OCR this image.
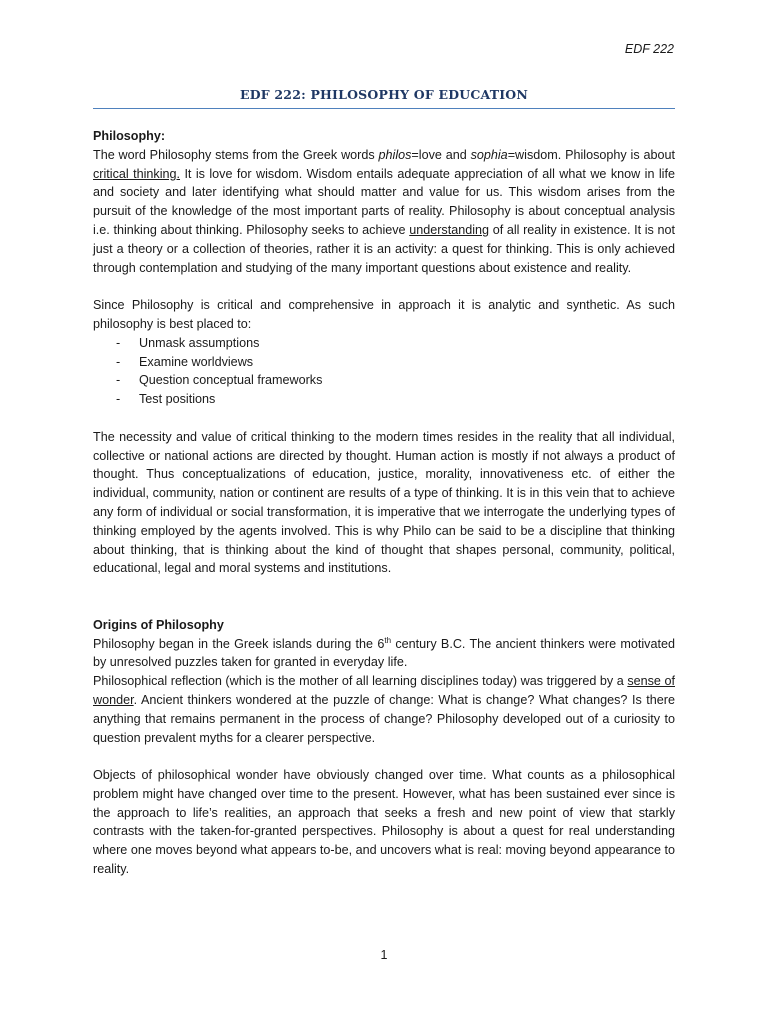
EDF 222
EDF 222: PHILOSOPHY OF EDUCATION

Philosophy:

The word Philosophy stems from the Greek words philos=love and sophia=wisdom. Philosophy is about critical thinking. It is love for wisdom. Wisdom entails adequate appreciation of all what we know in life and society and later identifying what should matter and value for us. This wisdom arises from the pursuit of the knowledge of the most important parts of reality. Philosophy is about conceptual analysis i.e. thinking about thinking. Philosophy seeks to achieve understanding of all reality in existence. It is not just a theory or a collection of theories, rather it is an activity: a quest for thinking. This is only achieved through contemplation and studying of the many important questions about existence and reality.

Since Philosophy is critical and comprehensive in approach it is analytic and synthetic. As such philosophy is best placed to:

- Unmask assumptions
- Examine worldviews
- Question conceptual frameworks
- Test positions

The necessity and value of critical thinking to the modern times resides in the reality that all individual, collective or national actions are directed by thought. Human action is mostly if not always a product of thought. Thus conceptualizations of education, justice, morality, innovativeness etc. of either the individual, community, nation or continent are results of a type of thinking. It is in this vein that to achieve any form of individual or social transformation, it is imperative that we interrogate the underlying types of thinking employed by the agents involved. This is why Philo can be said to be a discipline that thinking about thinking, that is thinking about the kind of thought that shapes personal, community, political, educational, legal and moral systems and institutions.

Origins of Philosophy

Philosophy began in the Greek islands during the 6th century B.C. The ancient thinkers were motivated by unresolved puzzles taken for granted in everyday life.

Philosophical reflection (which is the mother of all learning disciplines today) was triggered by a sense of wonder. Ancient thinkers wondered at the puzzle of change: What is change? What changes? Is there anything that remains permanent in the process of change? Philosophy developed out of a curiosity to question prevalent myths for a clearer perspective.

Objects of philosophical wonder have obviously changed over time. What counts as a philosophical problem might have changed over time to the present. However, what has been sustained ever since is the approach to life’s realities, an approach that seeks a fresh and new point of view that starkly contrasts with the taken-for-granted perspectives. Philosophy is about a quest for real understanding where one moves beyond what appears to-be, and uncovers what is real: moving beyond appearance to reality.

1
